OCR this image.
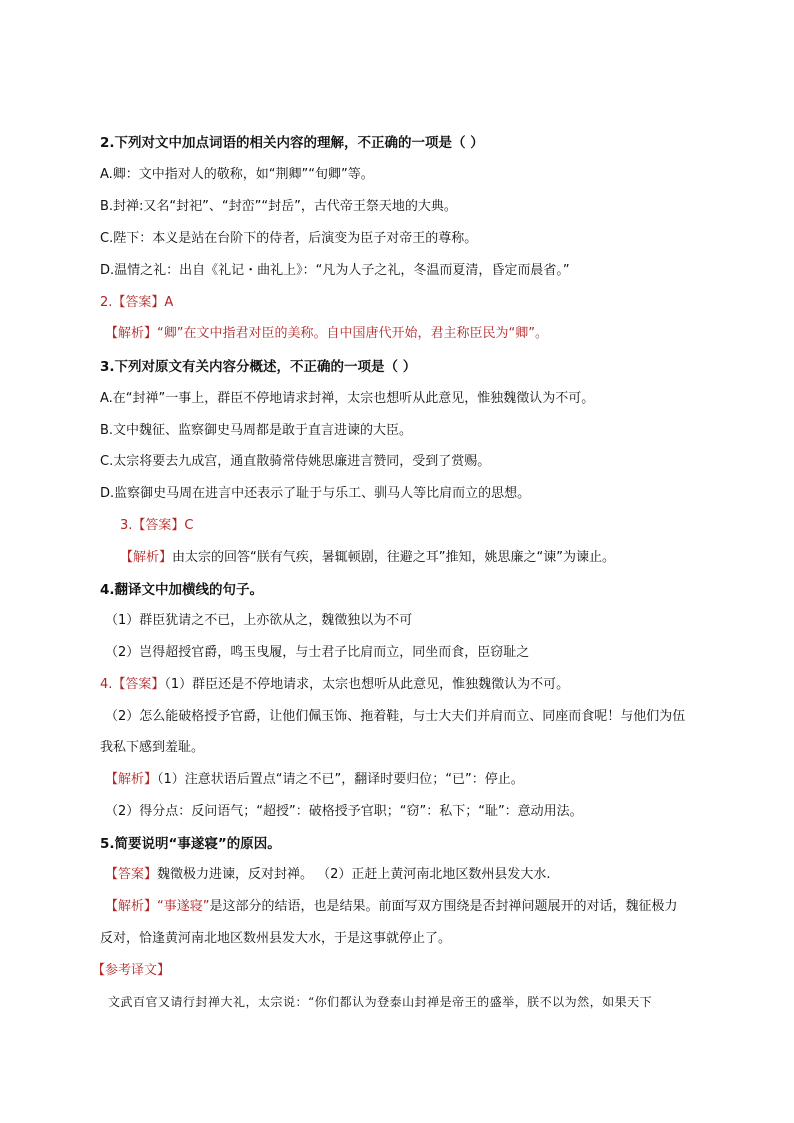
2.下列对文中加点词语的相关内容的理解，不正确的一项是（ ）
A.卿：文中指对人的敬称，如“荆卿”“旬卿”等。
B.封禅:又名“封祀”、“封峦”“封岳”，古代帝王祭天地的大典。
C.陛下：本义是站在台阶下的侍者，后演变为臣子对帝王的尊称。
D.温情之礼：出自《礼记・曲礼上》：“凡为人子之礼，冬温而夏清，昏定而晨省。”
2.【答案】A
【解析】“卿”在文中指君对臣的美称。自中国唐代开始，君主称臣民为“卿”。
3.下列对原文有关内容分概述，不正确的一项是（ ）
A.在“封禅”一事上，群臣不停地请求封禅，太宗也想听从此意见，惟独魏徵认为不可。
B.文中魏征、监察御史马周都是敢于直言进谏的大臣。
C.太宗将要去九成宫，通直散骑常侍姚思廉进言赞同，受到了赏赐。
D.监察御史马周在进言中还表示了耻于与乐工、驯马人等比肩而立的思想。
3.【答案】C
【解析】由太宗的回答“朕有气疾，暑辄顿剧，往避之耳”推知，姚思廉之“谏”为谏止。
4.翻译文中加横线的句子。
（1）群臣犹请之不已，上亦欲从之，魏徵独以为不可
（2）岂得超授官爵，鸣玉曳履，与士君子比肩而立，同坐而食，臣窃耻之
4.【答案】（1）群臣还是不停地请求，太宗也想听从此意见，惟独魏徵认为不可。
（2）怎么能破格授予官爵，让他们佩玉饰、拖着鞋，与士大夫们并肩而立、同座而食呢！与他们为伍
我私下感到羞耻。
【解析】（1）注意状语后置点“请之不已”，翻译时要归位；“已”：停止。
（2）得分点：反问语气；“超授”：破格授予官职；“窃”：私下；“耻”：意动用法。
5.简要说明“事遂寝”的原因。
【答案】魏徵极力进谏，反对封禅。 （2）正赶上黄河南北地区数州县发大水.
【解析】“事遂寝”是这部分的结语，也是结果。前面写双方围绕是否封禅问题展开的对话，魏征极力
反对，恰逢黄河南北地区数州县发大水，于是这事就停止了。
【参考译文】
文武百官又请行封禅大礼，太宗说：“你们都认为登泰山封禅是帝王的盛举，朕不以为然，如果天下
